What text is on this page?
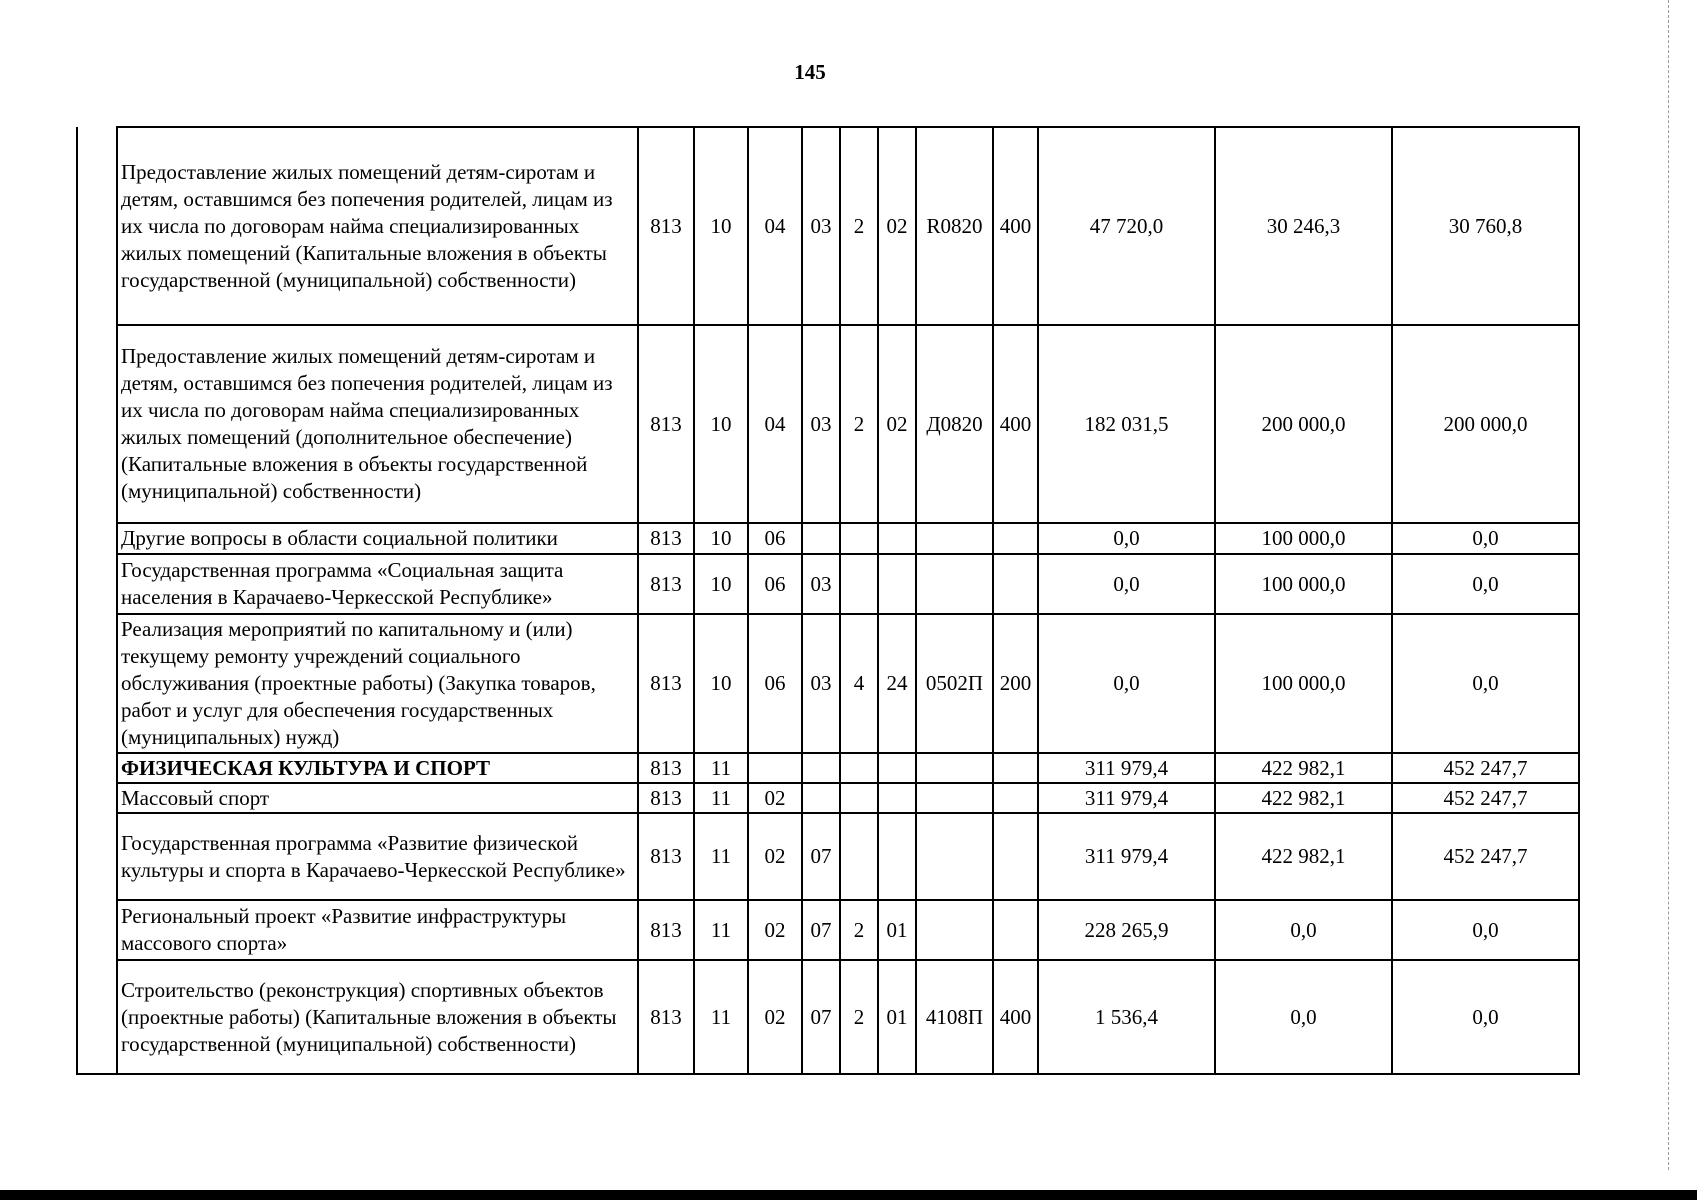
145
	Предоставление жилых помещений детям-сиротам и детям, оставшимся без попечения родителей, лицам из их числа по договорам найма специализированных жилых помещений (Капитальные вложения в объекты государственной (муниципальной) собственности)	813	10	04	03	2	02	R0820	400	47 720,0	30 246,3	30 760,8
	Предоставление жилых помещений детям-сиротам и детям, оставшимся без попечения родителей, лицам из их числа по договорам найма специализированных жилых помещений (дополнительное обеспечение) (Капитальные вложения в объекты государственной (муниципальной) собственности)	813	10	04	03	2	02	Д0820	400	182 031,5	200 000,0	200 000,0
	Другие вопросы в области социальной политики	813	10	06						0,0	100 000,0	0,0
	Государственная программа «Социальная защита населения в Карачаево-Черкесской Республике»	813	10	06	03					0,0	100 000,0	0,0
	Реализация мероприятий по капитальному и (или) текущему ремонту учреждений социального обслуживания (проектные работы) (Закупка товаров, работ и услуг для обеспечения государственных (муниципальных) нужд)	813	10	06	03	4	24	0502П	200	0,0	100 000,0	0,0
	ФИЗИЧЕСКАЯ КУЛЬТУРА И СПОРТ	813	11							311 979,4	422 982,1	452 247,7
	Массовый спорт	813	11	02						311 979,4	422 982,1	452 247,7
	Государственная программа «Развитие физической культуры и спорта в Карачаево-Черкесской Республике»	813	11	02	07					311 979,4	422 982,1	452 247,7
	Региональный проект «Развитие инфраструктуры массового спорта»	813	11	02	07	2	01			228 265,9	0,0	0,0
	Строительство (реконструкция) спортивных объектов (проектные работы) (Капитальные вложения в объекты государственной (муниципальной) собственности)	813	11	02	07	2	01	4108П	400	1 536,4	0,0	0,0
